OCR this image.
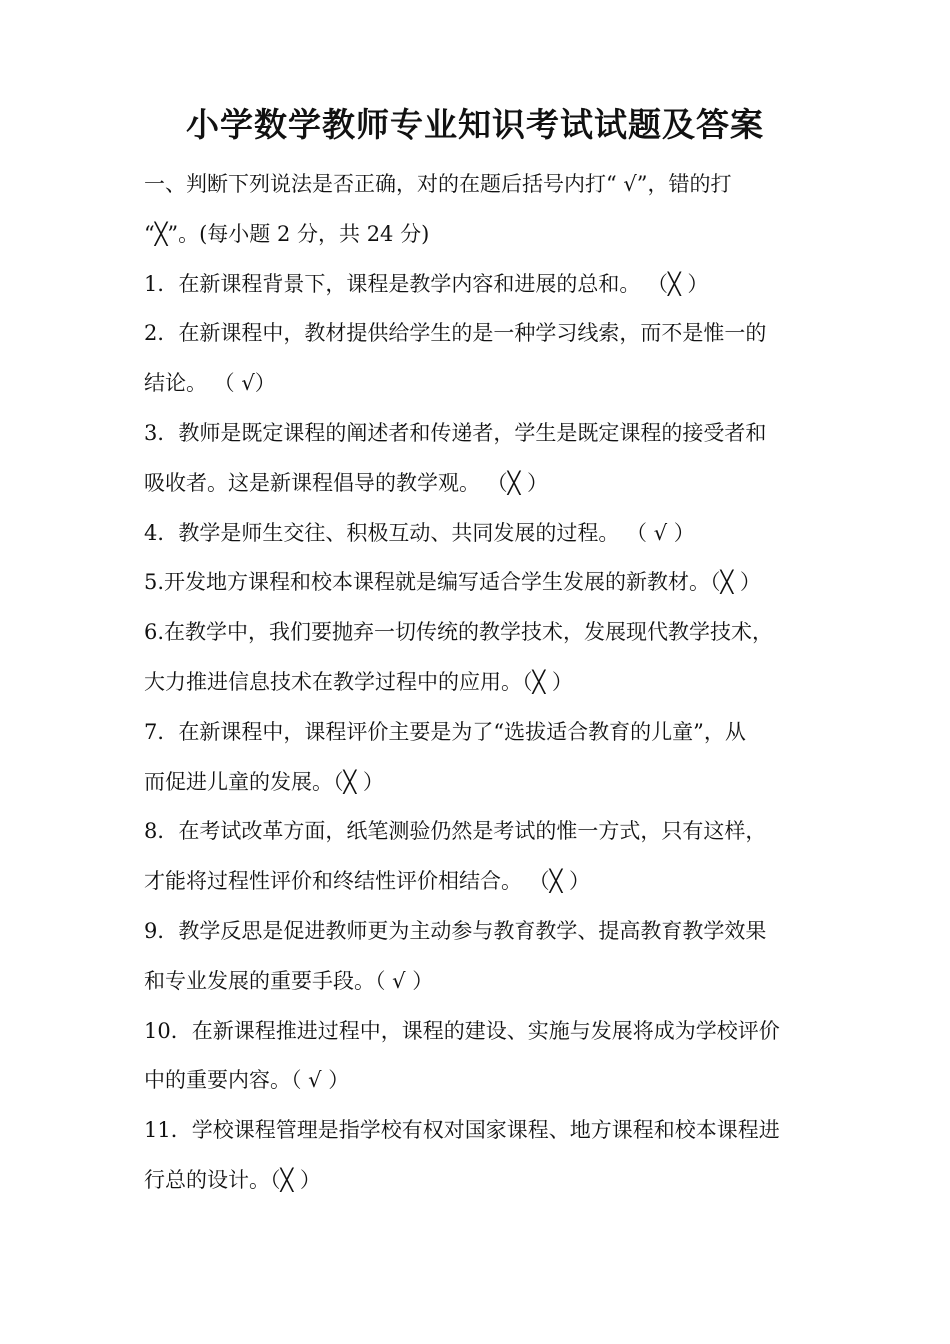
小学数学教师专业知识考试试题及答案
一、判断下列说法是否正确，对的在题后括号内打“ √”，错的打
“╳”。(每小题 2 分，共 24 分)
1．在新课程背景下，课程是教学内容和进展的总和。 （╳ ）
2．在新课程中，教材提供给学生的是一种学习线索，而不是惟一的
结论。 （ √）
3．教师是既定课程的阐述者和传递者，学生是既定课程的接受者和
吸收者。这是新课程倡导的教学观。 （╳ ）
4．教学是师生交往、积极互动、共同发展的过程。 （ √ ）
5.开发地方课程和校本课程就是编写适合学生发展的新教材。（╳ ）
6.在教学中，我们要抛弃一切传统的教学技术，发展现代教学技术，
大力推进信息技术在教学过程中的应用。（╳ ）
7．在新课程中，课程评价主要是为了“选拔适合教育的儿童”，从
而促进儿童的发展。（╳ ）
8．在考试改革方面，纸笔测验仍然是考试的惟一方式，只有这样，
才能将过程性评价和终结性评价相结合。 （╳ ）
9．教学反思是促进教师更为主动参与教育教学、提高教育教学效果
和专业发展的重要手段。（ √ ）
10．在新课程推进过程中，课程的建设、实施与发展将成为学校评价
中的重要内容。（ √ ）
11．学校课程管理是指学校有权对国家课程、地方课程和校本课程进
行总的设计。（╳ ）
